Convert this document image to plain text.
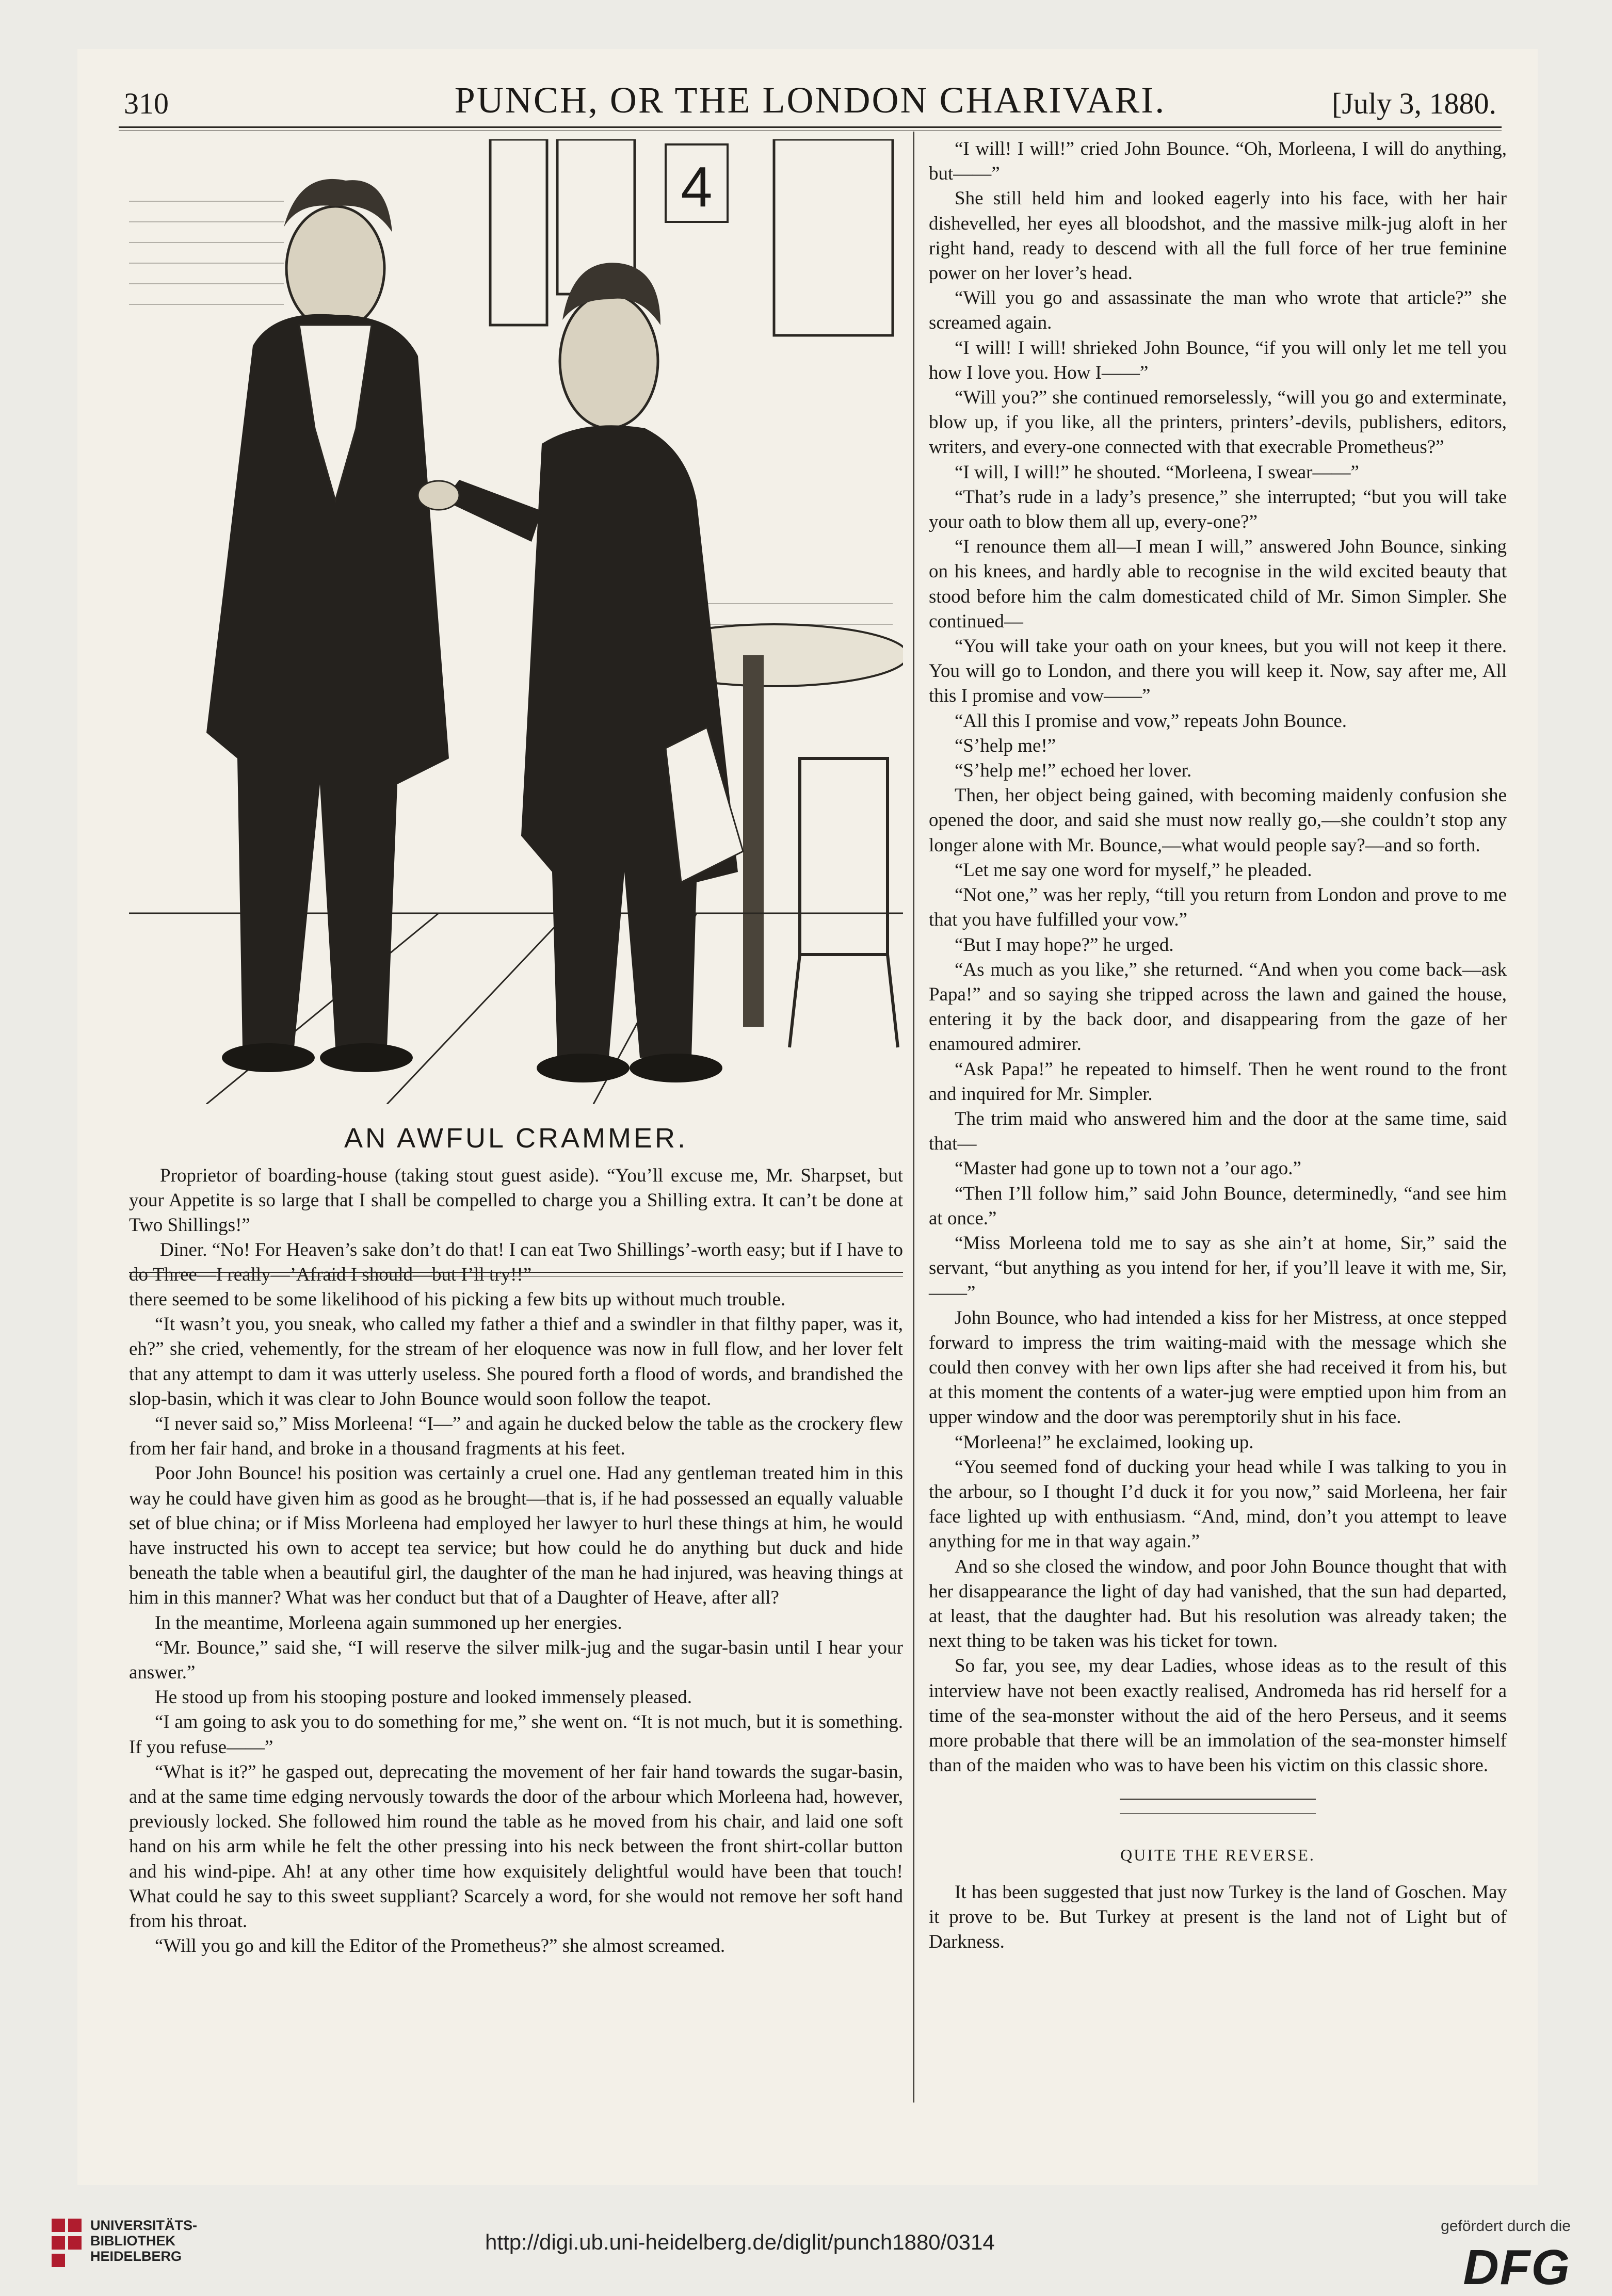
310	PUNCH, OR THE LONDON CHARIVARI.	[July 3, 1880.
4
AN AWFUL CRAMMER.

Proprietor of boarding-house (taking stout guest aside). “You’ll excuse me, Mr. Sharpset, but your Appetite is so large that I shall be compelled to charge you a Shilling extra. It can’t be done at Two Shillings!”

Diner. “No! For Heaven’s sake don’t do that! I can eat Two Shillings’-worth easy; but if I have to do Three—I really—’Afraid I should—but I’ll try!!”

there seemed to be some likelihood of his picking a few bits up without much trouble.

“It wasn’t you, you sneak, who called my father a thief and a swindler in that filthy paper, was it, eh?” she cried, vehemently, for the stream of her eloquence was now in full flow, and her lover felt that any attempt to dam it was utterly useless. She poured forth a flood of words, and brandished the slop-basin, which it was clear to John Bounce would soon follow the teapot.

“I never said so,” Miss Morleena! “I—” and again he ducked below the table as the crockery flew from her fair hand, and broke in a thousand fragments at his feet.

Poor John Bounce! his position was certainly a cruel one. Had any gentleman treated him in this way he could have given him as good as he brought—that is, if he had possessed an equally valuable set of blue china; or if Miss Morleena had employed her lawyer to hurl these things at him, he would have instructed his own to accept tea service; but how could he do anything but duck and hide beneath the table when a beautiful girl, the daughter of the man he had injured, was heaving things at him in this manner? What was her conduct but that of a Daughter of Heave, after all?

In the meantime, Morleena again summoned up her energies.

“Mr. Bounce,” said she, “I will reserve the silver milk-jug and the sugar-basin until I hear your answer.”

He stood up from his stooping posture and looked immensely pleased.

“I am going to ask you to do something for me,” she went on. “It is not much, but it is something. If you refuse——”

“What is it?” he gasped out, deprecating the movement of her fair hand towards the sugar-basin, and at the same time edging nervously towards the door of the arbour which Morleena had, however, previously locked. She followed him round the table as he moved from his chair, and laid one soft hand on his arm while he felt the other pressing into his neck between the front shirt-collar button and his wind-pipe. Ah! at any other time how exquisitely delightful would have been that touch! What could he say to this sweet suppliant? Scarcely a word, for she would not remove her soft hand from his throat.

“Will you go and kill the Editor of the Prometheus?” she almost screamed.

“I will! I will!” cried John Bounce. “Oh, Morleena, I will do anything, but——”

She still held him and looked eagerly into his face, with her hair dishevelled, her eyes all bloodshot, and the massive milk-jug aloft in her right hand, ready to descend with all the full force of her true feminine power on her lover’s head.

“Will you go and assassinate the man who wrote that article?” she screamed again.

“I will! I will! shrieked John Bounce, “if you will only let me tell you how I love you. How I——”

“Will you?” she continued remorselessly, “will you go and exterminate, blow up, if you like, all the printers, printers’-devils, publishers, editors, writers, and every-one connected with that execrable Prometheus?”

“I will, I will!” he shouted. “Morleena, I swear——”

“That’s rude in a lady’s presence,” she interrupted; “but you will take your oath to blow them all up, every-one?”

“I renounce them all—I mean I will,” answered John Bounce, sinking on his knees, and hardly able to recognise in the wild excited beauty that stood before him the calm domesticated child of Mr. Simon Simpler. She continued—

“You will take your oath on your knees, but you will not keep it there. You will go to London, and there you will keep it. Now, say after me, All this I promise and vow——”

“All this I promise and vow,” repeats John Bounce.

“S’help me!”

“S’help me!” echoed her lover.

Then, her object being gained, with becoming maidenly confusion she opened the door, and said she must now really go,—she couldn’t stop any longer alone with Mr. Bounce,—what would people say?—and so forth.

“Let me say one word for myself,” he pleaded.

“Not one,” was her reply, “till you return from London and prove to me that you have fulfilled your vow.”

“But I may hope?” he urged.

“As much as you like,” she returned. “And when you come back—ask Papa!” and so saying she tripped across the lawn and gained the house, entering it by the back door, and disappearing from the gaze of her enamoured admirer.

“Ask Papa!” he repeated to himself. Then he went round to the front and inquired for Mr. Simpler.

The trim maid who answered him and the door at the same time, said that—

“Master had gone up to town not a ’our ago.”

“Then I’ll follow him,” said John Bounce, determinedly, “and see him at once.”

“Miss Morleena told me to say as she ain’t at home, Sir,” said the servant, “but anything as you intend for her, if you’ll leave it with me, Sir,——”

John Bounce, who had intended a kiss for her Mistress, at once stepped forward to impress the trim waiting-maid with the message which she could then convey with her own lips after she had received it from his, but at this moment the contents of a water-jug were emptied upon him from an upper window and the door was peremptorily shut in his face.

“Morleena!” he exclaimed, looking up.

“You seemed fond of ducking your head while I was talking to you in the arbour, so I thought I’d duck it for you now,” said Morleena, her fair face lighted up with enthusiasm. “And, mind, don’t you attempt to leave anything for me in that way again.”

And so she closed the window, and poor John Bounce thought that with her disappearance the light of day had vanished, that the sun had departed, at least, that the daughter had. But his resolution was already taken; the next thing to be taken was his ticket for town.

So far, you see, my dear Ladies, whose ideas as to the result of this interview have not been exactly realised, Andromeda has rid herself for a time of the sea-monster without the aid of the hero Perseus, and it seems more probable that there will be an immolation of the sea-monster himself than of the maiden who was to have been his victim on this classic shore.

QUITE THE REVERSE.

It has been suggested that just now Turkey is the land of Goschen. May it prove to be. But Turkey at present is the land not of Light but of Darkness.

UNIVERSITÄTS-
BIBLIOTHEK
HEIDELBERG
http://digi.ub.uni-heidelberg.de/diglit/punch1880/0314
gefördert durch die
DFG
